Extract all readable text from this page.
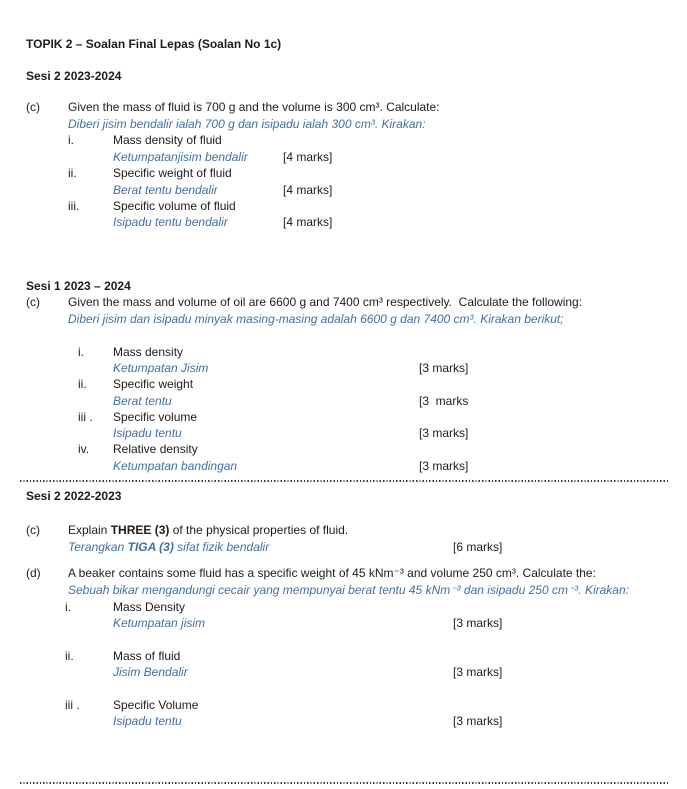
TOPIK 2 – Soalan Final Lepas (Soalan No 1c)
Sesi 2 2023-2024
(c) Given the mass of fluid is 700 g and the volume is 300 cm³. Calculate:
Diberi jisim bendalir ialah 700 g dan isipadu ialah 300 cm³. Kirakan:
i.	Mass density of fluid
Ketumpatanjisim bendalir	[4 marks]
ii.	Specific weight of fluid
Berat tentu bendalir	[4 marks]
iii.	Specific volume of fluid
Isipadu tentu bendalir	[4 marks]
Sesi 1 2023 – 2024
(c) Given the mass and volume of oil are 6600 g and 7400 cm³ respectively.  Calculate the following:
Diberi jisim dan isipadu minyak masing-masing adalah 6600 g dan 7400 cm³. Kirakan berikut;
i. Mass density
Ketumpatan Jisim	[3 marks]
ii. Specific weight
Berat tentu	[3  marks
iii . Specific volume
Isipadu tentu	[3 marks]
iv. Relative density
Ketumpatan bandingan	[3 marks]
Sesi 2 2022-2023
(c) Explain THREE (3) of the physical properties of fluid.
Terangkan TIGA (3) sifat fizik bendalir	[6 marks]
(d) A beaker contains some fluid has a specific weight of 45 kNm⁻³ and volume 250 cm³. Calculate the:
Sebuah bikar mengandungi cecair yang mempunyai berat tentu 45 kNm⁻³ dan isipadu 250 cm⁻³. Kirakan:
i.	Mass Density
Ketumpatan jisim	[3 marks]
ii.	Mass of fluid
Jisim Bendalir	[3 marks]
iii .	Specific Volume
Isipadu tentu	[3 marks]
